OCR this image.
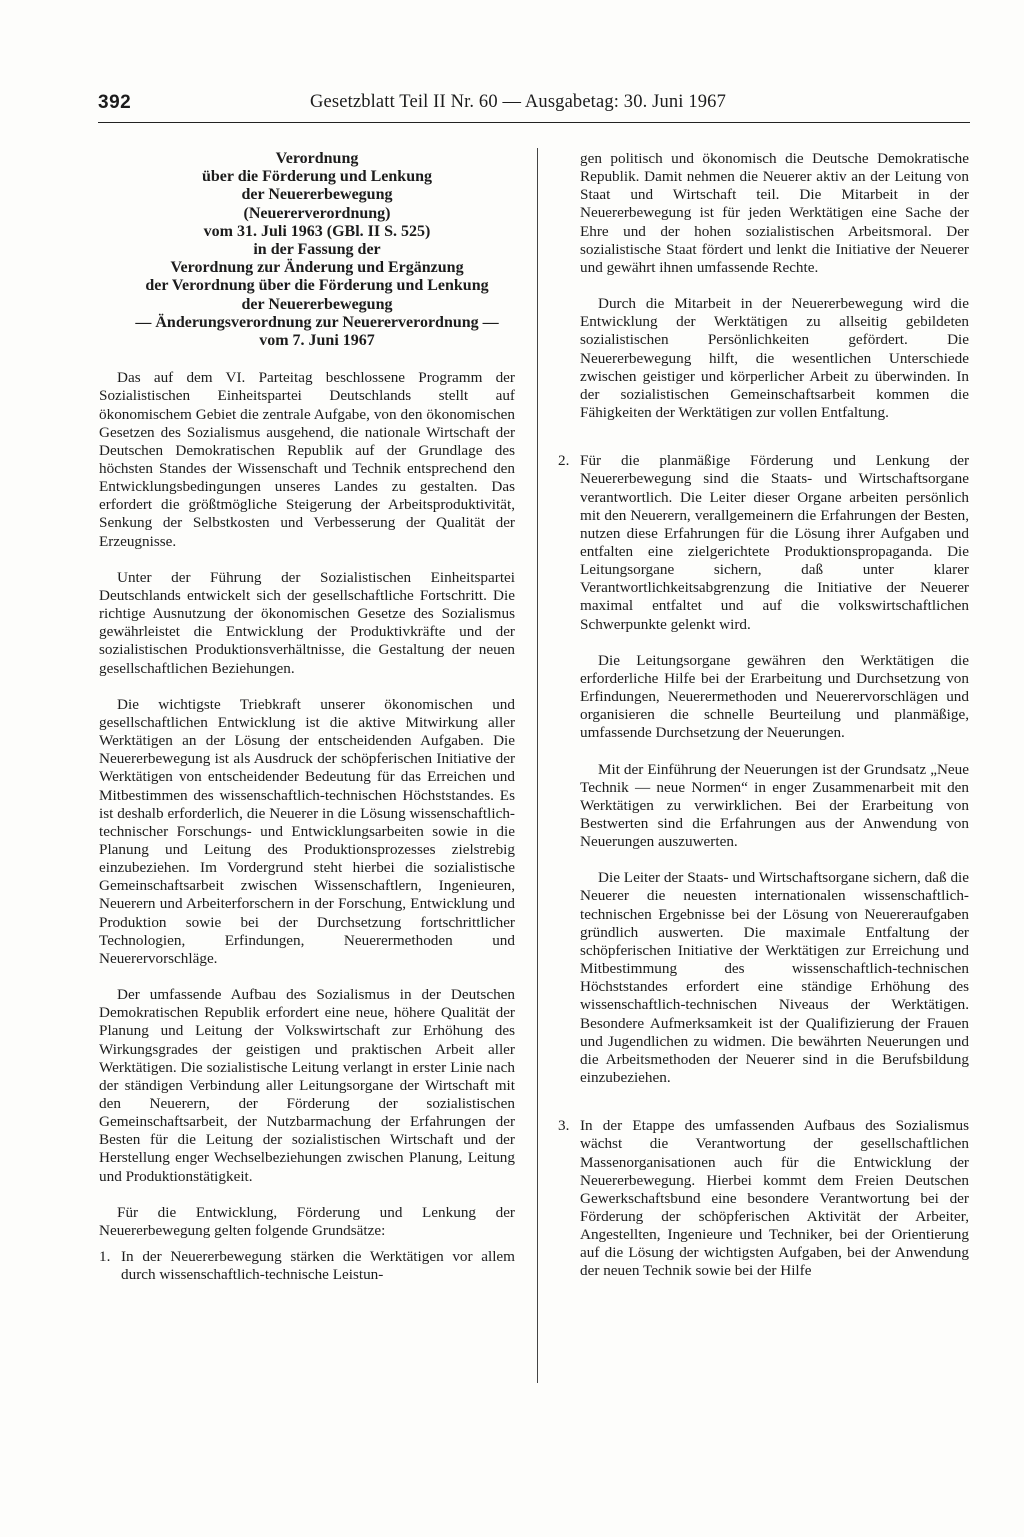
392	Gesetzblatt Teil II Nr. 60 — Ausgabetag: 30. Juni 1967
Verordnung
über die Förderung und Lenkung
der Neuererbewegung
(Neuererverordnung)
vom 31. Juli 1963 (GBl. II S. 525)
in der Fassung der
Verordnung zur Änderung und Ergänzung
der Verordnung über die Förderung und Lenkung
der Neuererbewegung
— Änderungsverordnung zur Neuererverordnung —
vom 7. Juni 1967

Das auf dem VI. Parteitag beschlossene Programm der Sozialistischen Einheitspartei Deutschlands stellt auf ökonomischem Gebiet die zentrale Aufgabe, von den ökonomischen Gesetzen des Sozialismus ausgehend, die nationale Wirtschaft der Deutschen Demokratischen Republik auf der Grundlage des höchsten Standes der Wissenschaft und Technik entsprechend den Entwicklungsbedingungen unseres Landes zu gestalten. Das erfordert die größtmögliche Steigerung der Arbeitsproduktivität, Senkung der Selbstkosten und Verbesserung der Qualität der Erzeugnisse.

Unter der Führung der Sozialistischen Einheitspartei Deutschlands entwickelt sich der gesellschaftliche Fortschritt. Die richtige Ausnutzung der ökonomischen Gesetze des Sozialismus gewährleistet die Entwicklung der Produktivkräfte und der sozialistischen Produktionsverhältnisse, die Gestaltung der neuen gesellschaftlichen Beziehungen.

Die wichtigste Triebkraft unserer ökonomischen und gesellschaftlichen Entwicklung ist die aktive Mitwirkung aller Werktätigen an der Lösung der entscheidenden Aufgaben. Die Neuererbewegung ist als Ausdruck der schöpferischen Initiative der Werktätigen von entscheidender Bedeutung für das Erreichen und Mitbestimmen des wissenschaftlich-technischen Höchststandes. Es ist deshalb erforderlich, die Neuerer in die Lösung wissenschaftlich-technischer Forschungs- und Entwicklungsarbeiten sowie in die Planung und Leitung des Produktionsprozesses zielstrebig einzubeziehen. Im Vordergrund steht hierbei die sozialistische Gemeinschaftsarbeit zwischen Wissenschaftlern, Ingenieuren, Neuerern und Arbeiterforschern in der Forschung, Entwicklung und Produktion sowie bei der Durchsetzung fortschrittlicher Technologien, Erfindungen, Neuerermethoden und Neuerervorschläge.

Der umfassende Aufbau des Sozialismus in der Deutschen Demokratischen Republik erfordert eine neue, höhere Qualität der Planung und Leitung der Volkswirtschaft zur Erhöhung des Wirkungsgrades der geistigen und praktischen Arbeit aller Werktätigen. Die sozialistische Leitung verlangt in erster Linie nach der ständigen Verbindung aller Leitungsorgane der Wirtschaft mit den Neuerern, der Förderung der sozialistischen Gemeinschaftsarbeit, der Nutzbarmachung der Erfahrungen der Besten für die Leitung der sozialistischen Wirtschaft und der Herstellung enger Wechselbeziehungen zwischen Planung, Leitung und Produktionstätigkeit.

Für die Entwicklung, Förderung und Lenkung der Neuererbewegung gelten folgende Grundsätze:

1. In der Neuererbewegung stärken die Werktätigen vor allem durch wissenschaftlich-technische Leistun-

gen politisch und ökonomisch die Deutsche Demokratische Republik. Damit nehmen die Neuerer aktiv an der Leitung von Staat und Wirtschaft teil. Die Mitarbeit in der Neuererbewegung ist für jeden Werktätigen eine Sache der Ehre und der hohen sozialistischen Arbeitsmoral. Der sozialistische Staat fördert und lenkt die Initiative der Neuerer und gewährt ihnen umfassende Rechte.

Durch die Mitarbeit in der Neuererbewegung wird die Entwicklung der Werktätigen zu allseitig gebildeten sozialistischen Persönlichkeiten gefördert. Die Neuererbewegung hilft, die wesentlichen Unterschiede zwischen geistiger und körperlicher Arbeit zu überwinden. In der sozialistischen Gemeinschaftsarbeit kommen die Fähigkeiten der Werktätigen zur vollen Entfaltung.

2. Für die planmäßige Förderung und Lenkung der Neuererbewegung sind die Staats- und Wirtschaftsorgane verantwortlich. Die Leiter dieser Organe arbeiten persönlich mit den Neuerern, verallgemeinern die Erfahrungen der Besten, nutzen diese Erfahrungen für die Lösung ihrer Aufgaben und entfalten eine zielgerichtete Produktionspropaganda. Die Leitungsorgane sichern, daß unter klarer Verantwortlichkeitsabgrenzung die Initiative der Neuerer maximal entfaltet und auf die volkswirtschaftlichen Schwerpunkte gelenkt wird.

Die Leitungsorgane gewähren den Werktätigen die erforderliche Hilfe bei der Erarbeitung und Durchsetzung von Erfindungen, Neuerermethoden und Neuerervorschlägen und organisieren die schnelle Beurteilung und planmäßige, umfassende Durchsetzung der Neuerungen.

Mit der Einführung der Neuerungen ist der Grundsatz „Neue Technik — neue Normen“ in enger Zusammenarbeit mit den Werktätigen zu verwirklichen. Bei der Erarbeitung von Bestwerten sind die Erfahrungen aus der Anwendung von Neuerungen auszuwerten.

Die Leiter der Staats- und Wirtschaftsorgane sichern, daß die Neuerer die neuesten internationalen wissenschaftlich-technischen Ergebnisse bei der Lösung von Neuereraufgaben gründlich auswerten. Die maximale Entfaltung der schöpferischen Initiative der Werktätigen zur Erreichung und Mitbestimmung des wissenschaftlich-technischen Höchststandes erfordert eine ständige Erhöhung des wissenschaftlich-technischen Niveaus der Werktätigen. Besondere Aufmerksamkeit ist der Qualifizierung der Frauen und Jugendlichen zu widmen. Die bewährten Neuerungen und die Arbeitsmethoden der Neuerer sind in die Berufsbildung einzubeziehen.

3. In der Etappe des umfassenden Aufbaus des Sozialismus wächst die Verantwortung der gesellschaftlichen Massenorganisationen auch für die Entwicklung der Neuererbewegung. Hierbei kommt dem Freien Deutschen Gewerkschaftsbund eine besondere Verantwortung bei der Förderung der schöpferischen Aktivität der Arbeiter, Angestellten, Ingenieure und Techniker, bei der Orientierung auf die Lösung der wichtigsten Aufgaben, bei der Anwendung der neuen Technik sowie bei der Hilfe
